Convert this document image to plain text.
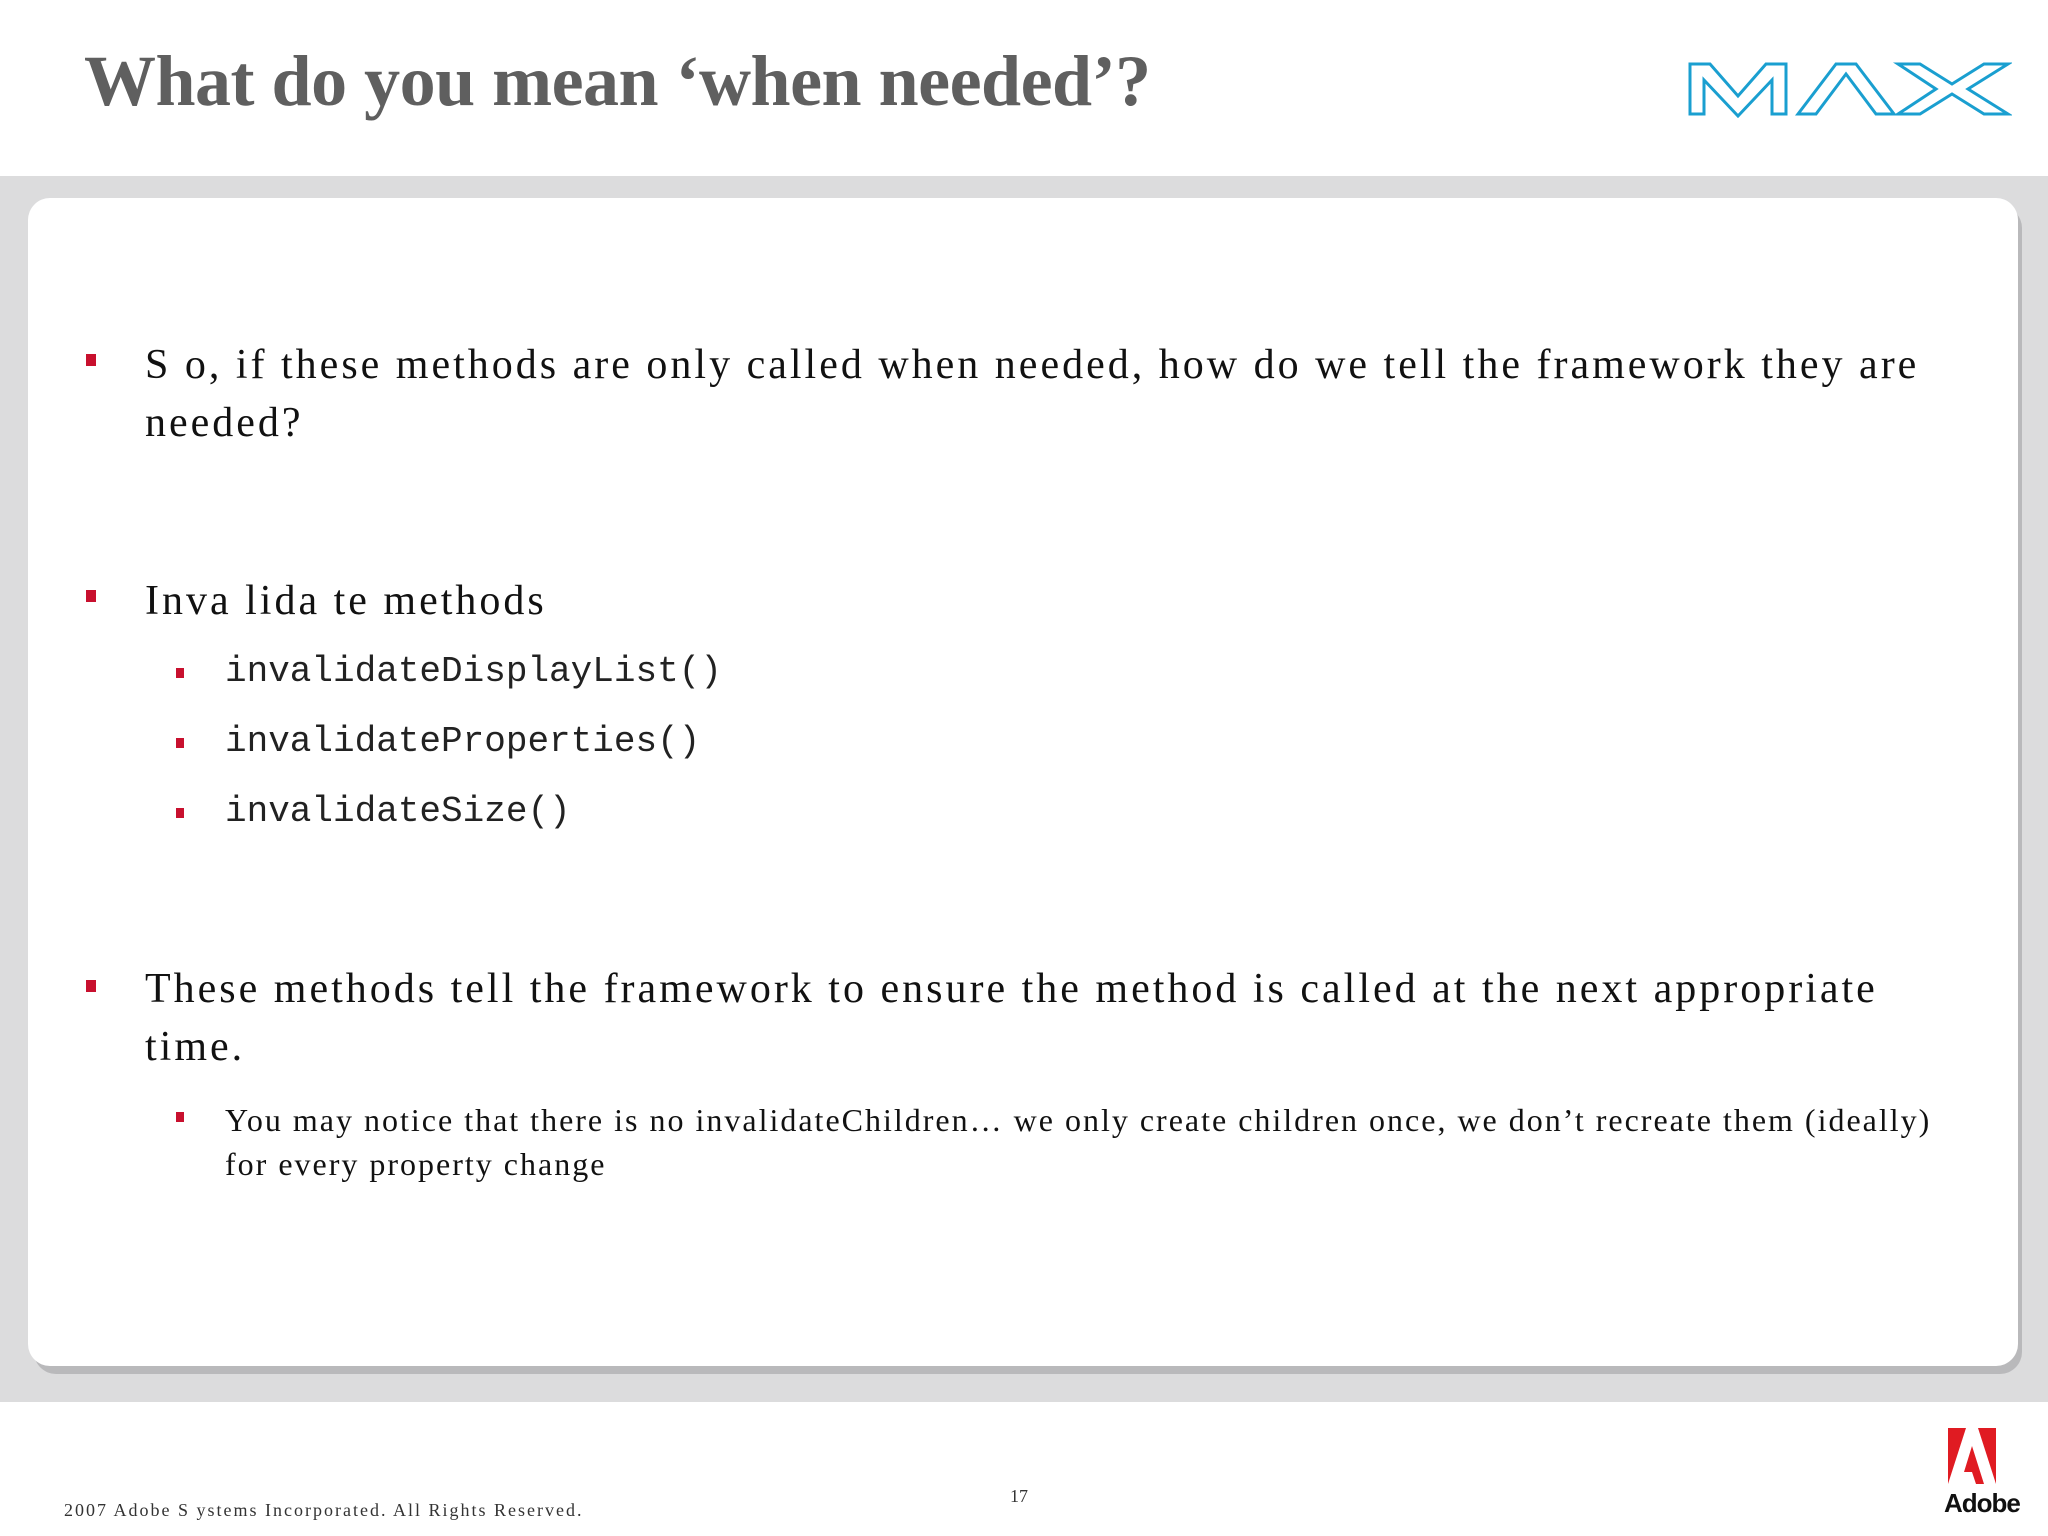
What do you mean ‘when needed’?
S o, if these methods are only called when needed, how do we tell the framework they are needed?
Inva lida te methods
invalidateDisplayList()
invalidateProperties()
invalidateSize()
These methods tell the framework to ensure the method is called at the next appropriate time.
You may notice that there is no invalidateChildren… we only create children once, we don’t recreate them (ideally) for every property change
2007 Adobe S ystems Incorporated. All Rights Reserved.
17	Adobe
